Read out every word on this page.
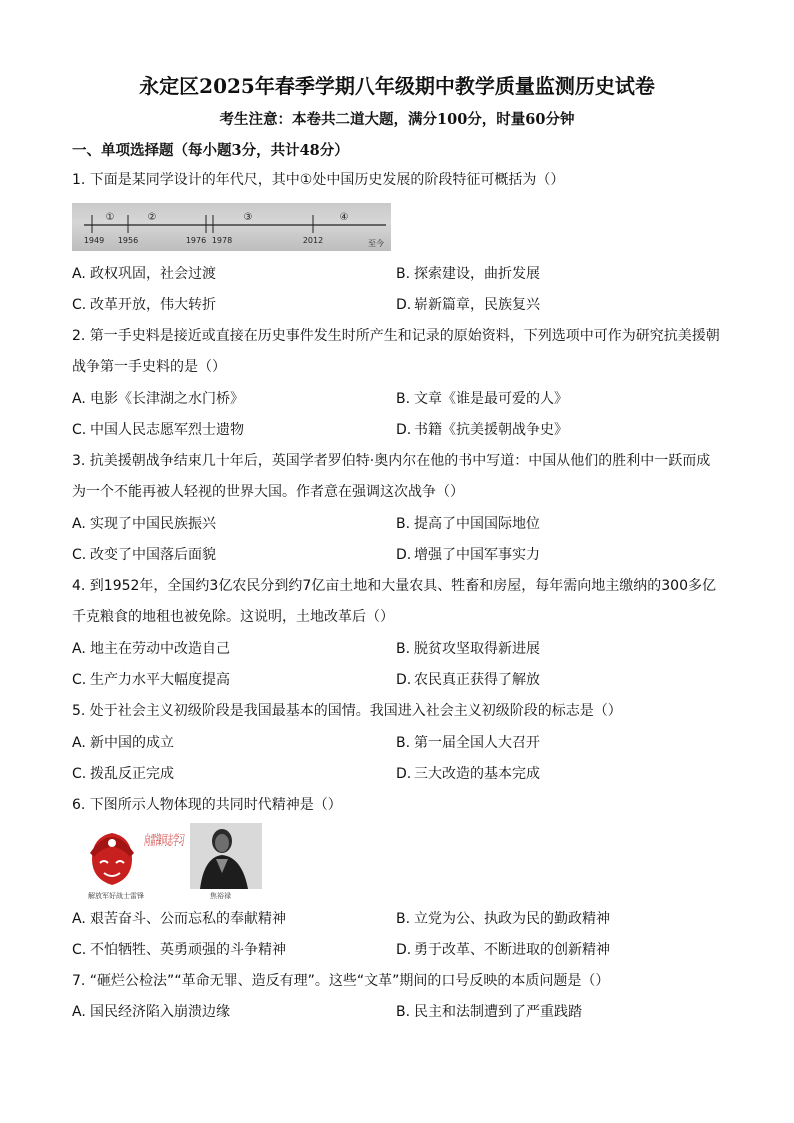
永定区2025年春季学期八年级期中教学质量监测历史试卷
考生注意：本卷共二道大题，满分100分，时量60分钟
一、单项选择题（每小题3分，共计48分）
1. 下面是某同学设计的年代尺，其中①处中国历史发展的阶段特征可概括为（）
①	②	③	④
1949 1956	1976 1978	2012	至今
A. 政权巩固，社会过渡	B. 探索建设，曲折发展
C. 改革开放，伟大转折	D. 崭新篇章，民族复兴
2. 第一手史料是接近或直接在历史事件发生时所产生和记录的原始资料，下列选项中可作为研究抗美援朝战争第一手史料的是（）
A. 电影《长津湖之水门桥》	B. 文章《谁是最可爱的人》
C. 中国人民志愿军烈士遗物	D. 书籍《抗美援朝战争史》
3. 抗美援朝战争结束几十年后，英国学者罗伯特·奥内尔在他的书中写道：中国从他们的胜利中一跃而成为一个不能再被人轻视的世界大国。作者意在强调这次战争（）
A. 实现了中国民族振兴	B. 提高了中国国际地位
C. 改变了中国落后面貌	D. 增强了中国军事实力
4. 到1952年，全国约3亿农民分到约7亿亩土地和大量农具、牲畜和房屋，每年需向地主缴纳的300多亿千克粮食的地租也被免除。这说明，土地改革后（）
A. 地主在劳动中改造自己	B. 脱贫攻坚取得新进展
C. 生产力水平大幅度提高	D. 农民真正获得了解放
5. 处于社会主义初级阶段是我国最基本的国情。我国进入社会主义初级阶段的标志是（）
A. 新中国的成立	B. 第一届全国人大召开
C. 拨乱反正完成	D. 三大改造的基本完成
6. 下图所示人物体现的共同时代精神是（）
向雷锋同志学习
解放军好战士雷锋	焦裕禄
A. 艰苦奋斗、公而忘私的奉献精神	B. 立党为公、执政为民的勤政精神
C. 不怕牺牲、英勇顽强的斗争精神	D. 勇于改革、不断进取的创新精神
7. “砸烂公检法”“革命无罪、造反有理”。这些“文革”期间的口号反映的本质问题是（）
A. 国民经济陷入崩溃边缘	B. 民主和法制遭到了严重践踏
